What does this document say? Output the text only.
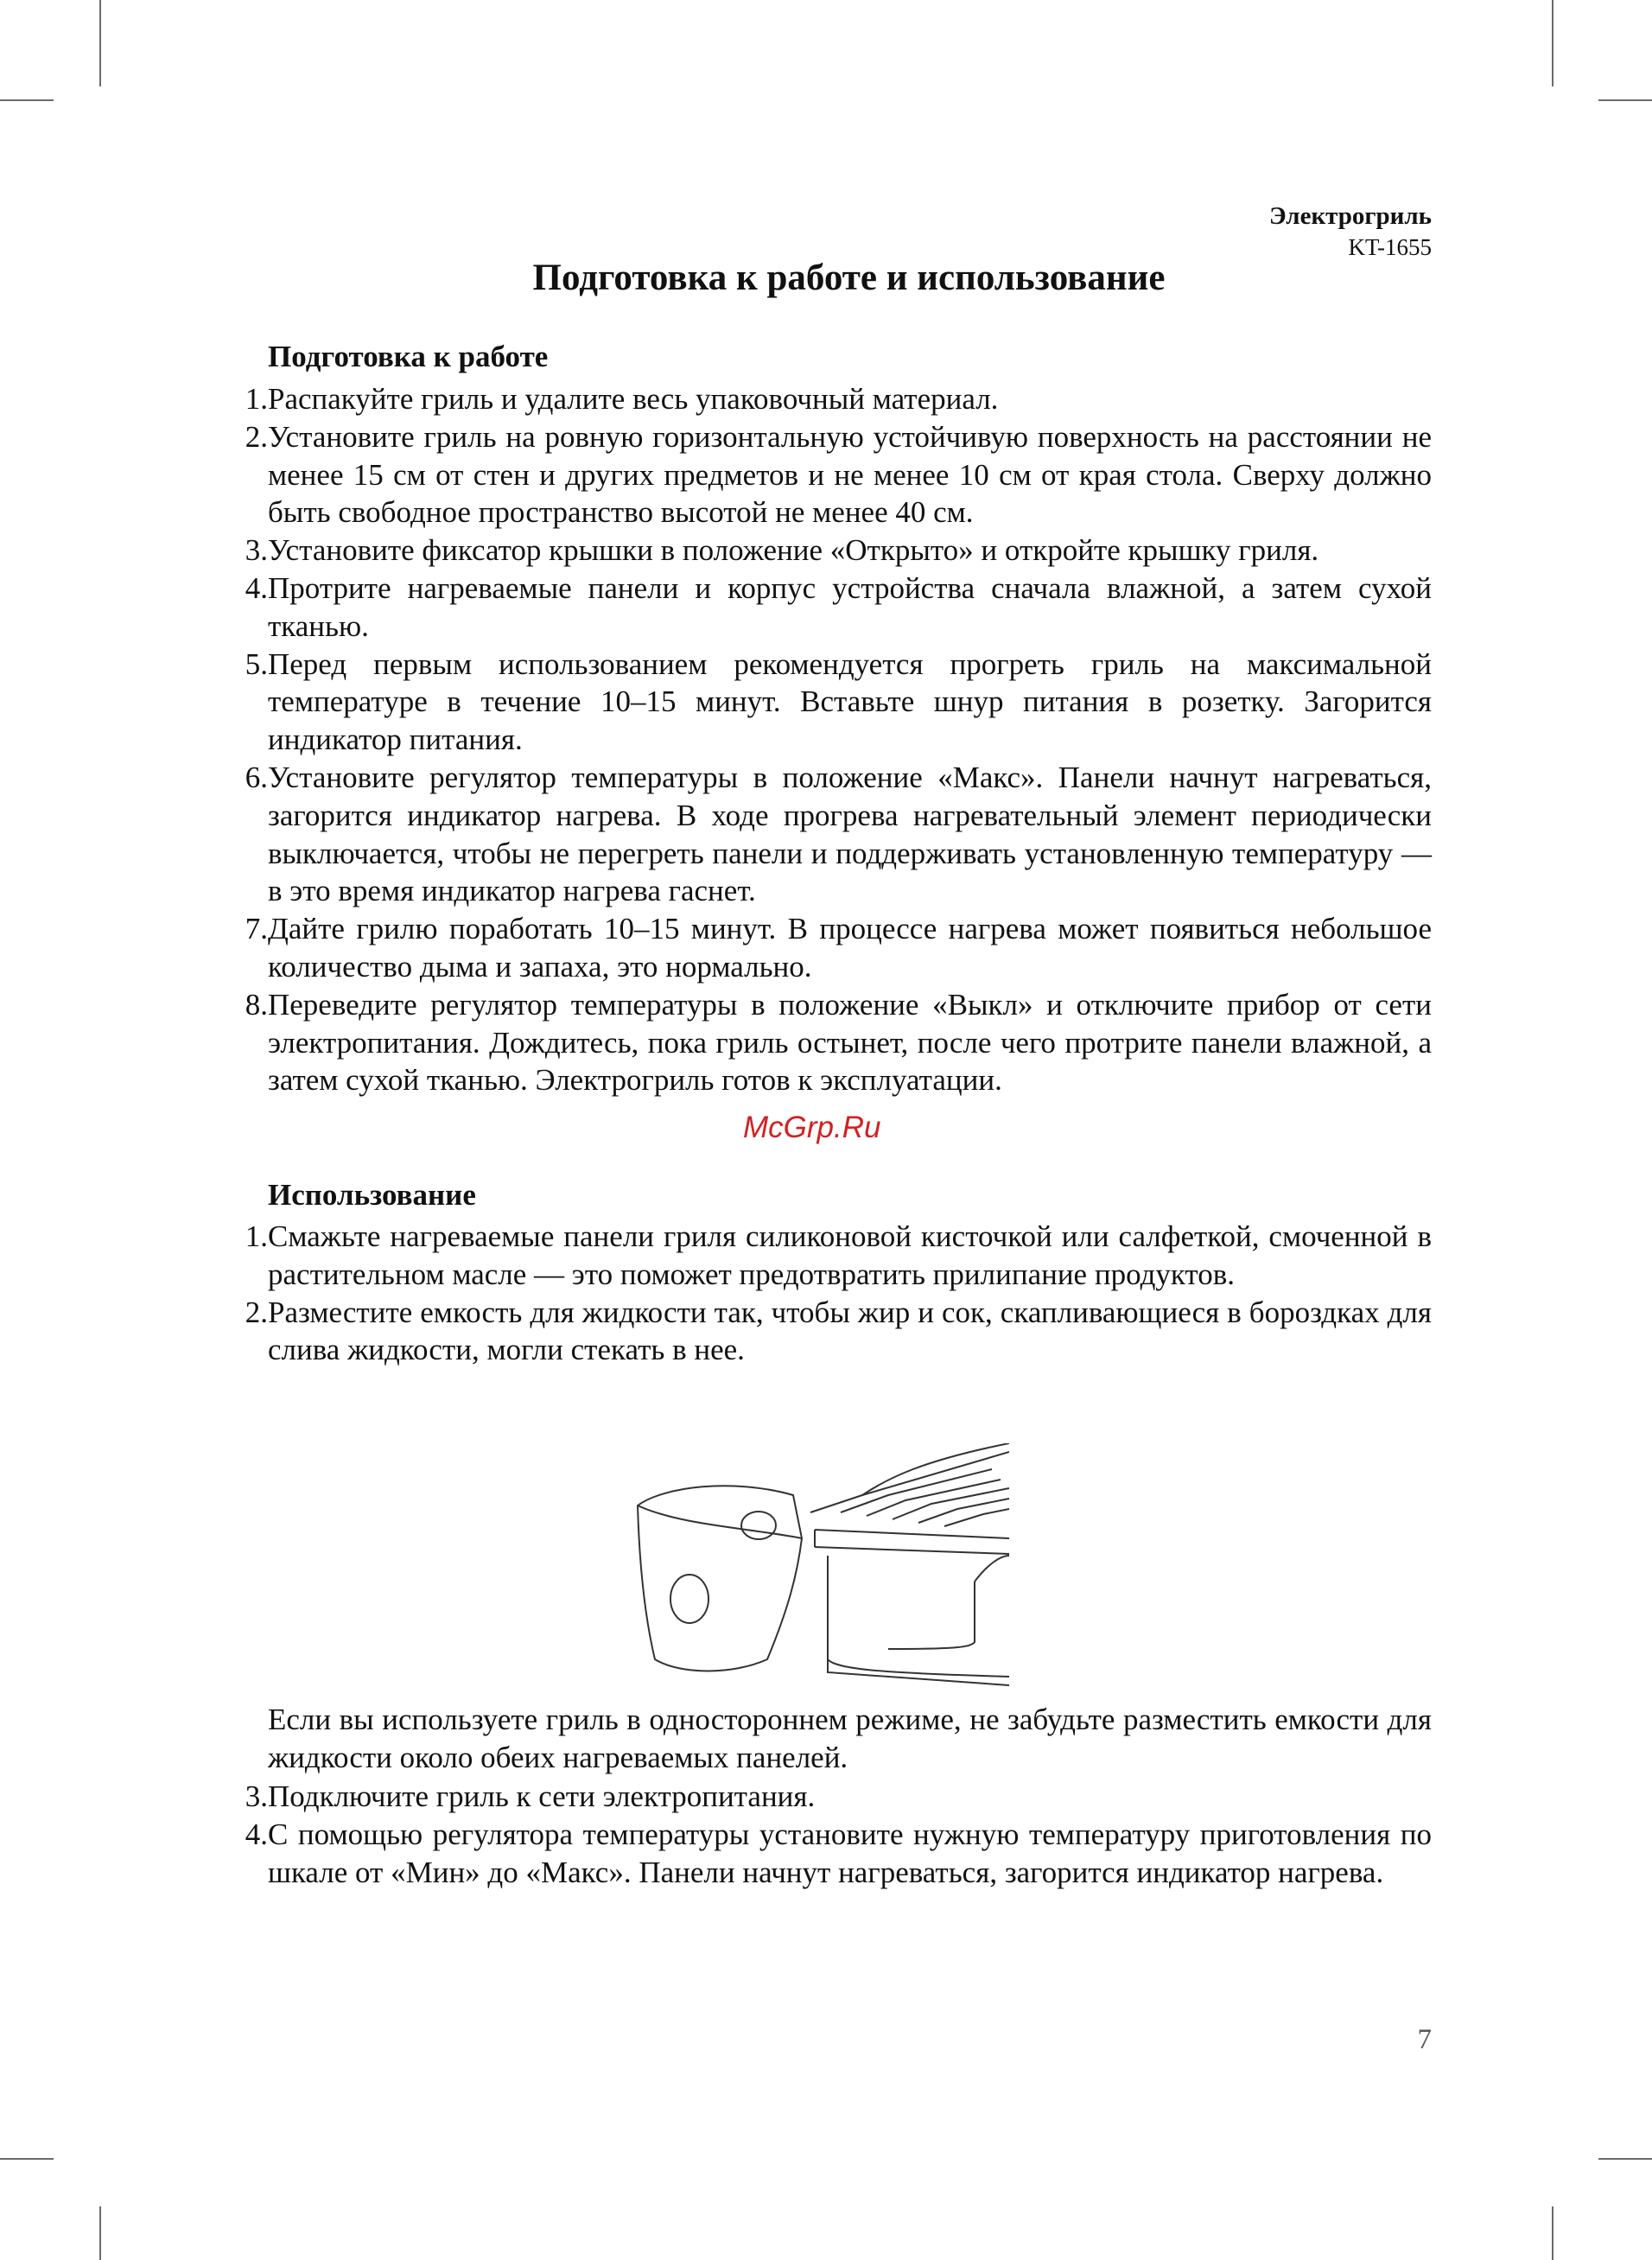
Электрогриль
KT-1655
Подготовка к работе и использование
Подготовка к работе
1. Распакуйте гриль и удалите весь упаковочный материал.
2. Установите гриль на ровную горизонтальную устойчивую поверхность на расстоянии не менее 15 см от стен и других предметов и не менее 10 см от края стола. Сверху должно быть свободное пространство высотой не менее 40 см.
3. Установите фиксатор крышки в положение «Открыто» и откройте крышку гриля.
4. Протрите нагреваемые панели и корпус устройства сначала влажной, а затем сухой тканью.
5. Перед первым использованием рекомендуется прогреть гриль на максимальной температуре в течение 10–15 минут. Вставьте шнур питания в розетку. Загорится индикатор питания.
6. Установите регулятор температуры в положение «Макс». Панели начнут нагреваться, загорится индикатор нагрева. В ходе прогрева нагревательный элемент периодически выключается, чтобы не перегреть панели и поддерживать установленную температуру — в это время индикатор нагрева гаснет.
7. Дайте грилю поработать 10–15 минут. В процессе нагрева может появиться небольшое количество дыма и запаха, это нормально.
8. Переведите регулятор температуры в положение «Выкл» и отключите прибор от сети электропитания. Дождитесь, пока гриль остынет, после чего протрите панели влажной, а затем сухой тканью. Электрогриль готов к эксплуатации.
Использование
1. Смажьте нагреваемые панели гриля силиконовой кисточкой или салфеткой, смоченной в растительном масле — это поможет предотвратить прилипание продуктов.
2. Разместите емкость для жидкости так, чтобы жир и сок, скапливающиеся в бороздках для слива жидкости, могли стекать в нее.

Если вы используете гриль в одностороннем режиме, не забудьте разместить емкости для жидкости около обеих нагреваемых панелей.

3. Подключите гриль к сети электропитания.
4. С помощью регулятора температуры установите нужную температуру приготовления по шкале от «Мин» до «Макс». Панели начнут нагреваться, загорится индикатор нагрева.
McGrp.Ru
7
